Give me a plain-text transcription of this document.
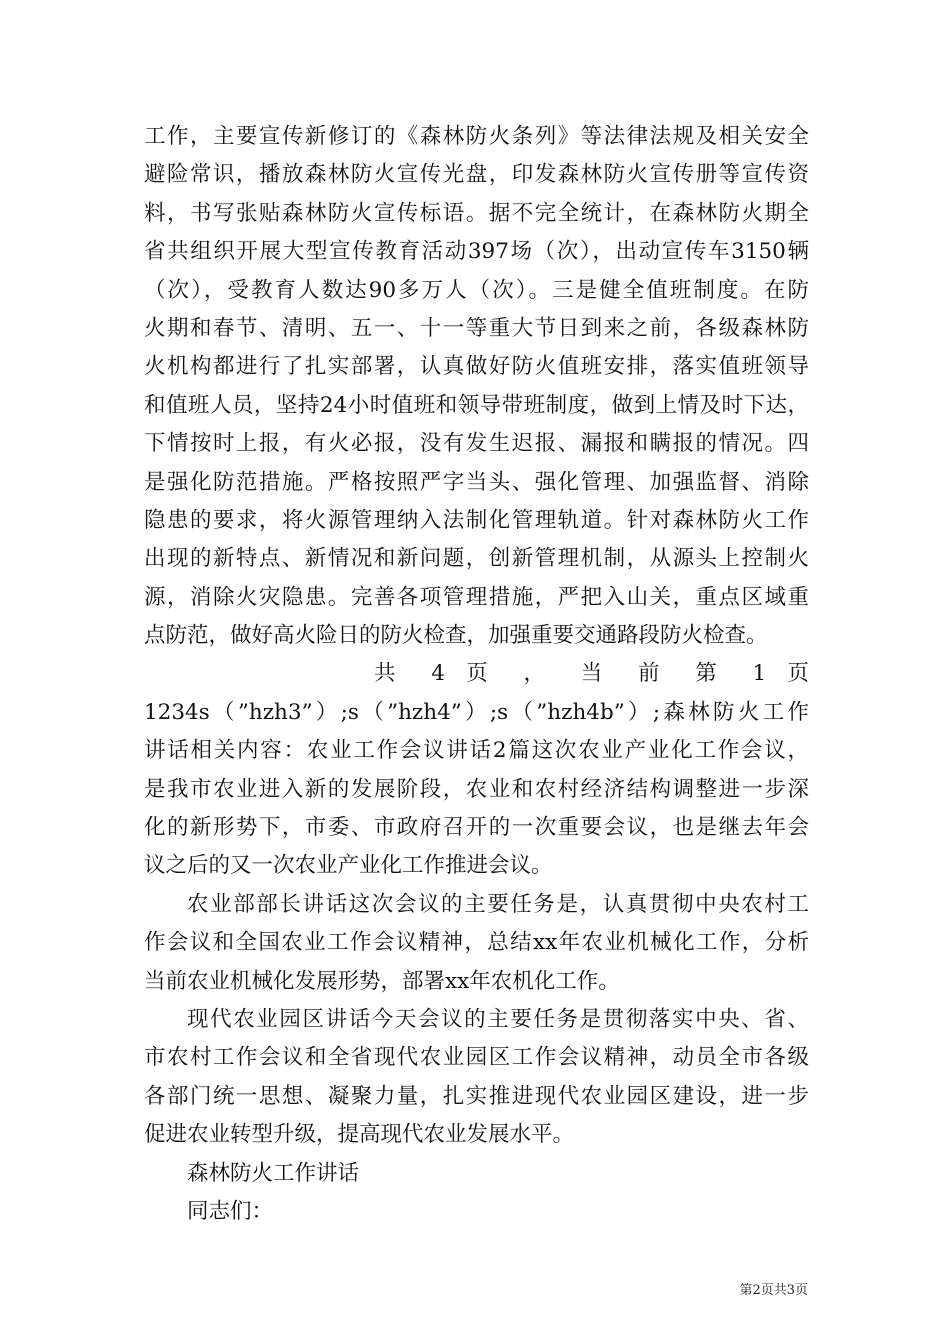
工作，主要宣传新修订的《森林防火条列》等法律法规及相关安全
避险常识，播放森林防火宣传光盘，印发森林防火宣传册等宣传资
料，书写张贴森林防火宣传标语。据不完全统计，在森林防火期全
省共组织开展大型宣传教育活动397场（次），出动宣传车3150辆
（次），受教育人数达90多万人（次）。三是健全值班制度。在防
火期和春节、清明、五一、十一等重大节日到来之前，各级森林防
火机构都进行了扎实部署，认真做好防火值班安排，落实值班领导
和值班人员，坚持24小时值班和领导带班制度，做到上情及时下达，
下情按时上报，有火必报，没有发生迟报、漏报和瞒报的情况。四
是强化防范措施。严格按照严字当头、强化管理、加强监督、消除
隐患的要求，将火源管理纳入法制化管理轨道。针对森林防火工作
出现的新特点、新情况和新问题，创新管理机制，从源头上控制火
源，消除火灾隐患。完善各项管理措施，严把入山关，重点区域重
点防范，做好高火险日的防火检查，加强重要交通路段防火检查。
共 4 页 ， 当 前 第 1 页
1234s（”hzh3”）;s（”hzh4”）;s（”hzh4b”）;森林防火工作
讲话相关内容：农业工作会议讲话2篇这次农业产业化工作会议，
是我市农业进入新的发展阶段，农业和农村经济结构调整进一步深
化的新形势下，市委、市政府召开的一次重要会议，也是继去年会
议之后的又一次农业产业化工作推进会议。
农业部部长讲话这次会议的主要任务是，认真贯彻中央农村工
作会议和全国农业工作会议精神，总结xx年农业机械化工作，分析
当前农业机械化发展形势，部署xx年农机化工作。
现代农业园区讲话今天会议的主要任务是贯彻落实中央、省、
市农村工作会议和全省现代农业园区工作会议精神，动员全市各级
各部门统一思想、凝聚力量，扎实推进现代农业园区建设，进一步
促进农业转型升级，提高现代农业发展水平。
森林防火工作讲话
同志们：
第2页共3页
